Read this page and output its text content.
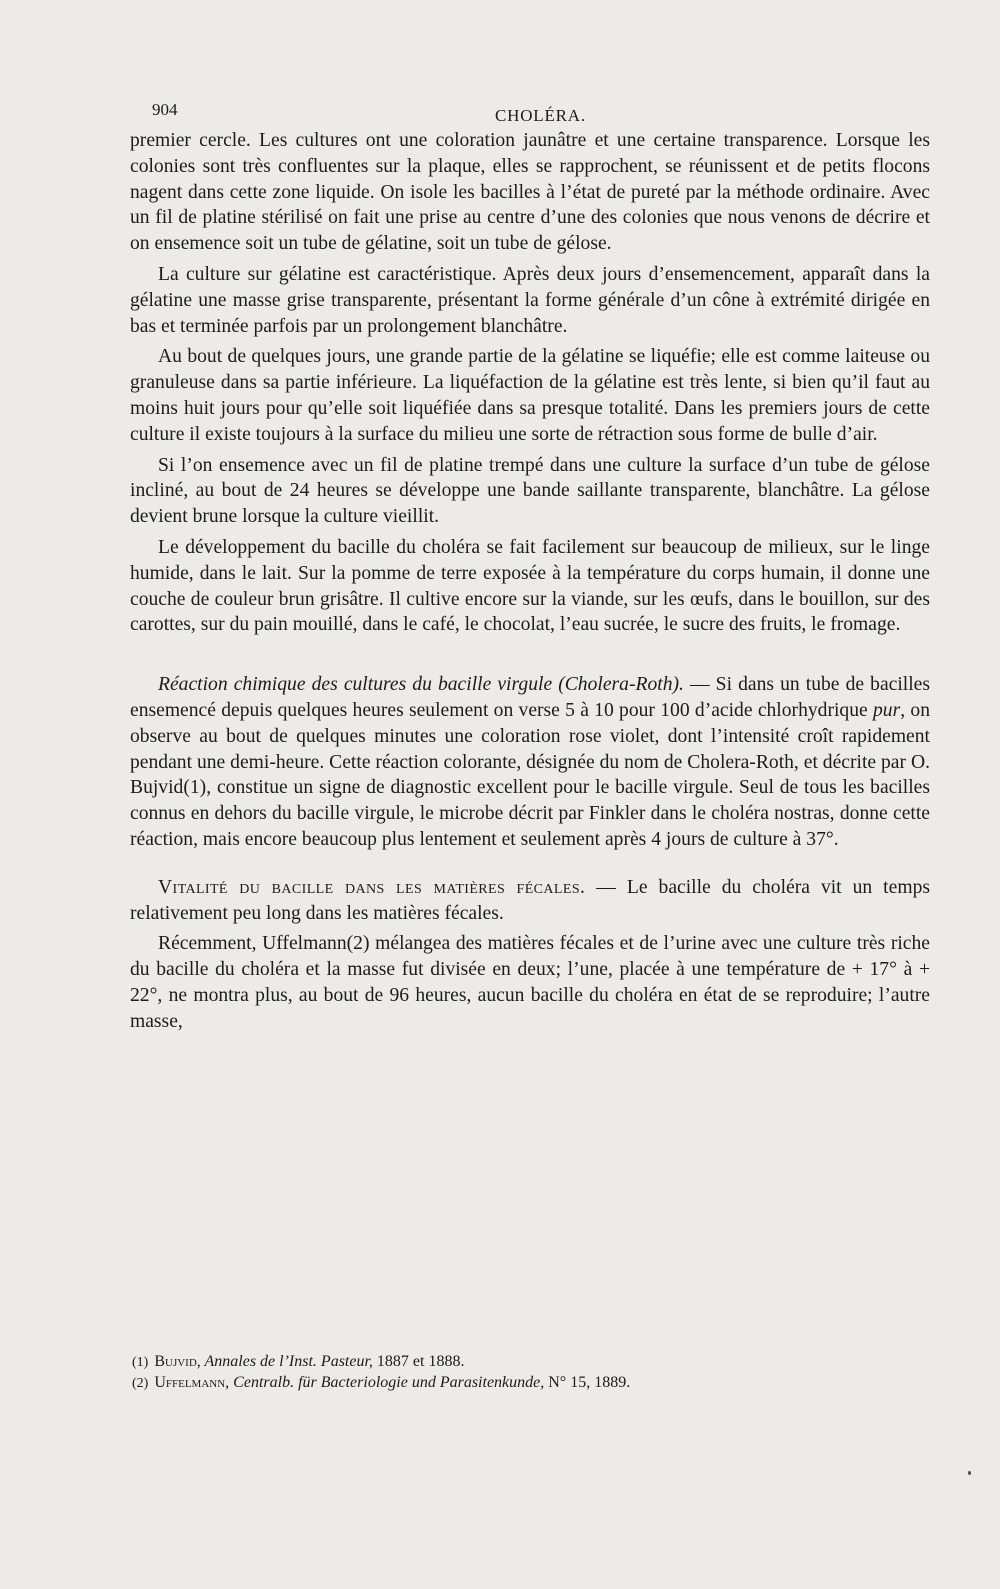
904	CHOLÉRA.

premier cercle. Les cultures ont une coloration jaunâtre et une certaine transparence. Lorsque les colonies sont très confluentes sur la plaque, elles se rapprochent, se réunissent et de petits flocons nagent dans cette zone liquide. On isole les bacilles à l’état de pureté par la méthode ordinaire. Avec un fil de platine stérilisé on fait une prise au centre d’une des colonies que nous venons de décrire et on ensemence soit un tube de gélatine, soit un tube de gélose.

La culture sur gélatine est caractéristique. Après deux jours d’ensemencement, apparaît dans la gélatine une masse grise transparente, présentant la forme générale d’un cône à extrémité dirigée en bas et terminée parfois par un prolongement blanchâtre.

Au bout de quelques jours, une grande partie de la gélatine se liquéfie; elle est comme laiteuse ou granuleuse dans sa partie inférieure. La liquéfaction de la gélatine est très lente, si bien qu’il faut au moins huit jours pour qu’elle soit liquéfiée dans sa presque totalité. Dans les premiers jours de cette culture il existe toujours à la surface du milieu une sorte de rétraction sous forme de bulle d’air.

Si l’on ensemence avec un fil de platine trempé dans une culture la surface d’un tube de gélose incliné, au bout de 24 heures se développe une bande saillante transparente, blanchâtre. La gélose devient brune lorsque la culture vieillit.

Le développement du bacille du choléra se fait facilement sur beaucoup de milieux, sur le linge humide, dans le lait. Sur la pomme de terre exposée à la température du corps humain, il donne une couche de couleur brun grisâtre. Il cultive encore sur la viande, sur les œufs, dans le bouillon, sur des carottes, sur du pain mouillé, dans le café, le chocolat, l’eau sucrée, le sucre des fruits, le fromage.

Réaction chimique des cultures du bacille virgule (Cholera-Roth). — Si dans un tube de bacilles ensemencé depuis quelques heures seulement on verse 5 à 10 pour 100 d’acide chlorhydrique pur, on observe au bout de quelques minutes une coloration rose violet, dont l’intensité croît rapidement pendant une demi-heure. Cette réaction colorante, désignée du nom de Cholera-Roth, et décrite par O. Bujvid(1), constitue un signe de diagnostic excellent pour le bacille virgule. Seul de tous les bacilles connus en dehors du bacille virgule, le microbe décrit par Finkler dans le choléra nostras, donne cette réaction, mais encore beaucoup plus lentement et seulement après 4 jours de culture à 37°.

Vitalité du bacille dans les matières fécales. — Le bacille du choléra vit un temps relativement peu long dans les matières fécales.

Récemment, Uffelmann(2) mélangea des matières fécales et de l’urine avec une culture très riche du bacille du choléra et la masse fut divisée en deux; l’une, placée à une température de + 17° à + 22°, ne montra plus, au bout de 96 heures, aucun bacille du choléra en état de se reproduire; l’autre masse,

(1) Bujvid, Annales de l’Inst. Pasteur, 1887 et 1888.

(2) Uffelmann, Centralb. für Bacteriologie und Parasitenkunde, N° 15, 1889.
